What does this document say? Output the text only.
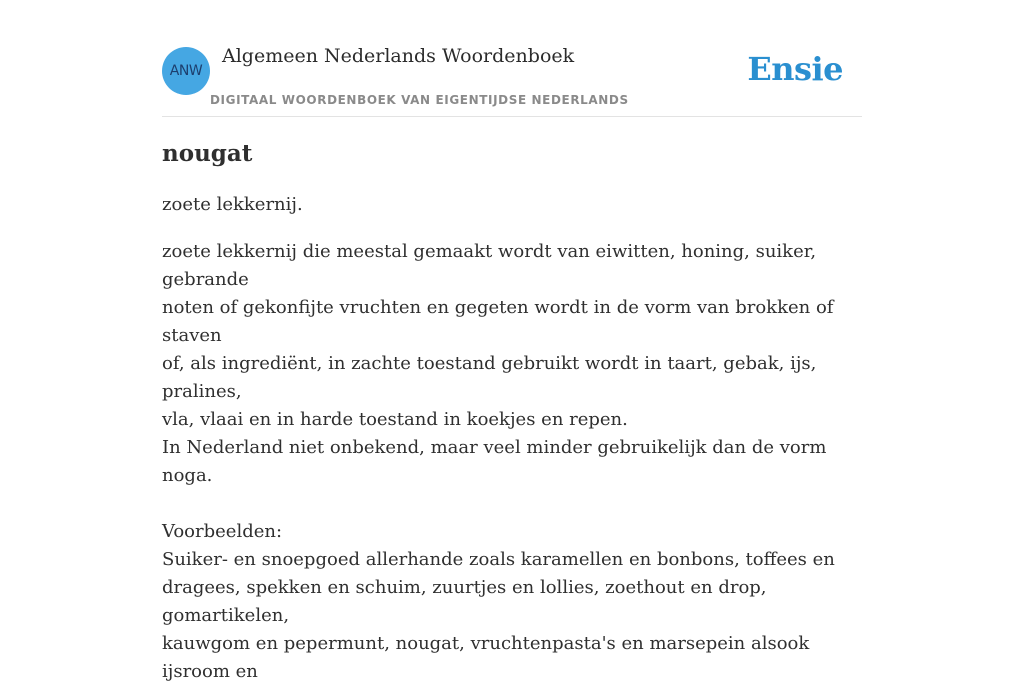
ANW
Algemeen Nederlands Woordenboek
DIGITAAL WOORDENBOEK VAN EIGENTIJDSE NEDERLANDS
Ensie
nougat

zoete lekkernij.

zoete lekkernij die meestal gemaakt wordt van eiwitten, honing, suiker, gebrande
noten of gekonfijte vruchten en gegeten wordt in de vorm van brokken of staven
of, als ingrediënt, in zachte toestand gebruikt wordt in taart, gebak, ijs, pralines,
vla, vlaai en in harde toestand in koekjes en repen.
In Nederland niet onbekend, maar veel minder gebruikelijk dan de vorm noga.
Voorbeelden:
Suiker- en snoepgoed allerhande zoals karamellen en bonbons, toffees en
dragees, spekken en schuim, zuurtjes en lollies, zoethout en drop, gomartikelen,
kauwgom en pepermunt, nougat, vruchtenpasta's en marsepein alsook ijsroom en
